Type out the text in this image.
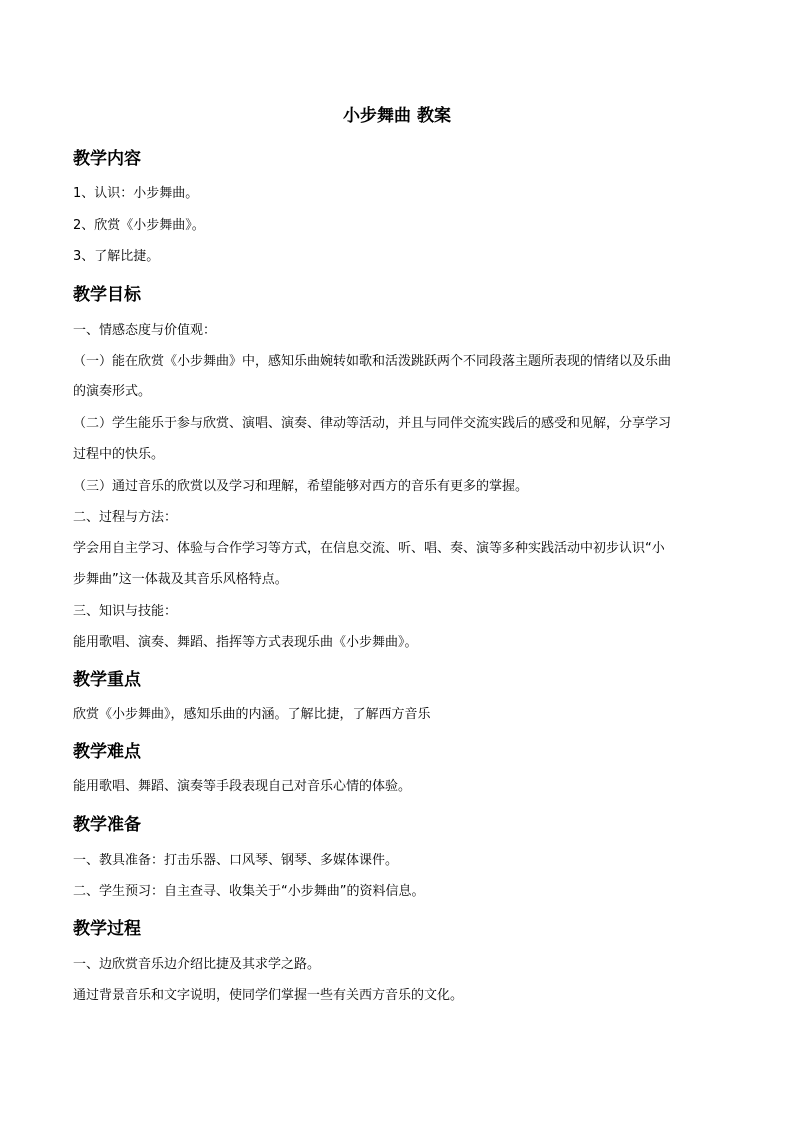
小步舞曲 教案
教学内容
1、认识：小步舞曲。
2、欣赏《小步舞曲》。
3、了解比捷。
教学目标
一、情感态度与价值观：
（一）能在欣赏《小步舞曲》中，感知乐曲婉转如歌和活泼跳跃两个不同段落主题所表现的情绪以及乐曲
的演奏形式。
（二）学生能乐于参与欣赏、演唱、演奏、律动等活动，并且与同伴交流实践后的感受和见解，分享学习
过程中的快乐。
（三）通过音乐的欣赏以及学习和理解，希望能够对西方的音乐有更多的掌握。
二、过程与方法：
学会用自主学习、体验与合作学习等方式，在信息交流、听、唱、奏、演等多种实践活动中初步认识“小
步舞曲”这一体裁及其音乐风格特点。
三、知识与技能：
能用歌唱、演奏、舞蹈、指挥等方式表现乐曲《小步舞曲》。
教学重点
欣赏《小步舞曲》，感知乐曲的内涵。了解比捷，了解西方音乐
教学难点
能用歌唱、舞蹈、演奏等手段表现自己对音乐心情的体验。
教学准备
一、教具准备：打击乐器、口风琴、钢琴、多媒体课件。
二、学生预习：自主查寻、收集关于“小步舞曲”的资料信息。
教学过程
一、边欣赏音乐边介绍比捷及其求学之路。
通过背景音乐和文字说明，使同学们掌握一些有关西方音乐的文化。
